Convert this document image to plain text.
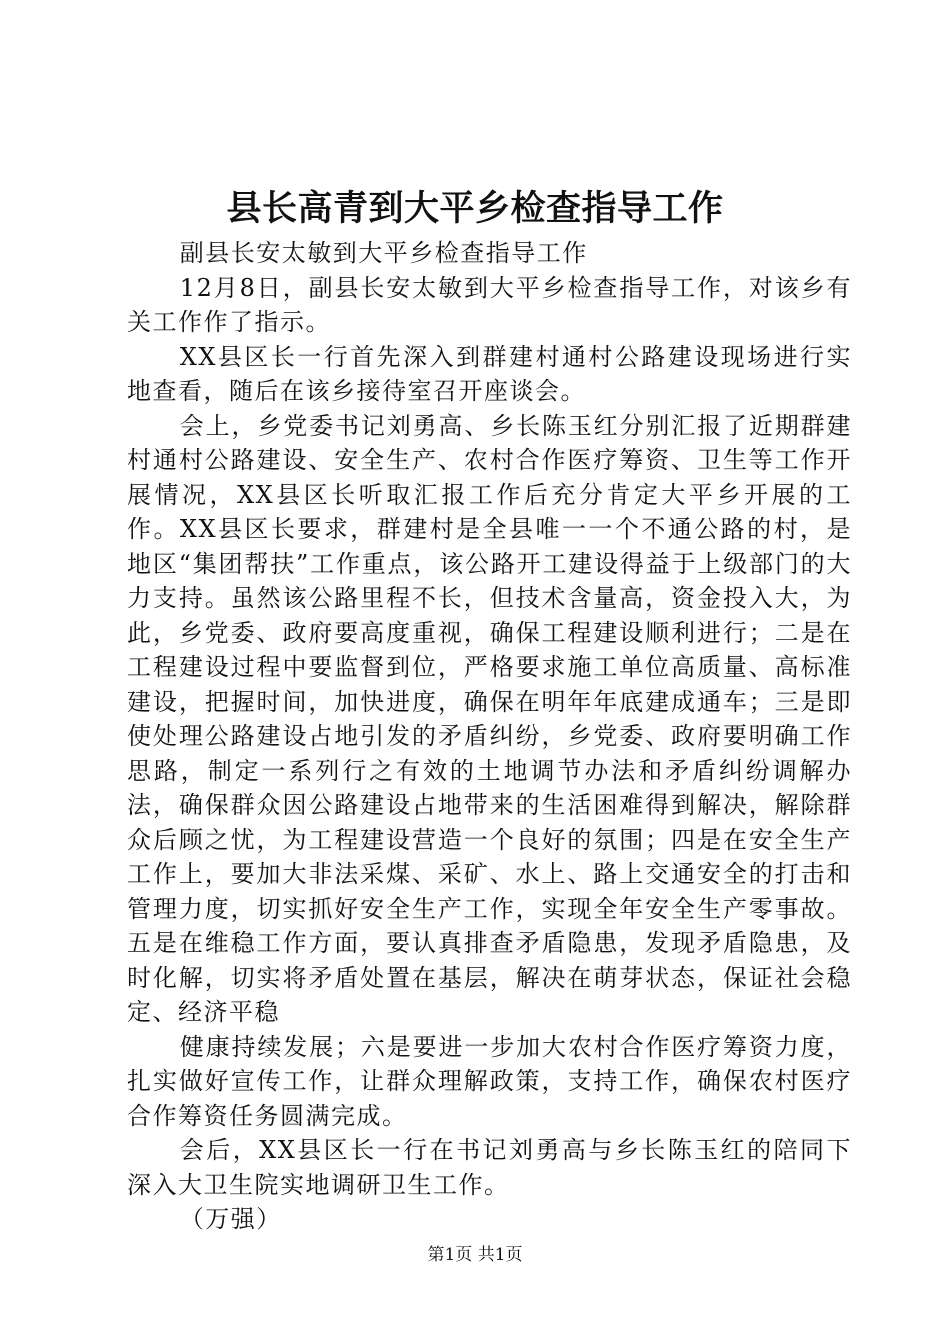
县长高青到大平乡检查指导工作

副县长安太敏到大平乡检查指导工作

12月8日，副县长安太敏到大平乡检查指导工作，对该乡有关工作作了指示。

XX县区长一行首先深入到群建村通村公路建设现场进行实地查看，随后在该乡接待室召开座谈会。

会上，乡党委书记刘勇高、乡长陈玉红分别汇报了近期群建村通村公路建设、安全生产、农村合作医疗筹资、卫生等工作开展情况，XX县区长听取汇报工作后充分肯定大平乡开展的工作。XX县区长要求，群建村是全县唯一一个不通公路的村，是地区“集团帮扶”工作重点，该公路开工建设得益于上级部门的大力支持。虽然该公路里程不长，但技术含量高，资金投入大，为此，乡党委、政府要高度重视，确保工程建设顺利进行；二是在工程建设过程中要监督到位，严格要求施工单位高质量、高标准建设，把握时间，加快进度，确保在明年年底建成通车；三是即使处理公路建设占地引发的矛盾纠纷，乡党委、政府要明确工作思路，制定一系列行之有效的土地调节办法和矛盾纠纷调解办法，确保群众因公路建设占地带来的生活困难得到解决，解除群众后顾之忧，为工程建设营造一个良好的氛围；四是在安全生产工作上，要加大非法采煤、采矿、水上、路上交通安全的打击和管理力度，切实抓好安全生产工作，实现全年安全生产零事故。五是在维稳工作方面，要认真排查矛盾隐患，发现矛盾隐患，及时化解，切实将矛盾处置在基层，解决在萌芽状态，保证社会稳定、经济平稳

健康持续发展；六是要进一步加大农村合作医疗筹资力度，扎实做好宣传工作，让群众理解政策，支持工作，确保农村医疗合作筹资任务圆满完成。

会后，XX县区长一行在书记刘勇高与乡长陈玉红的陪同下深入大卫生院实地调研卫生工作。

（万强）

第1页 共1页
